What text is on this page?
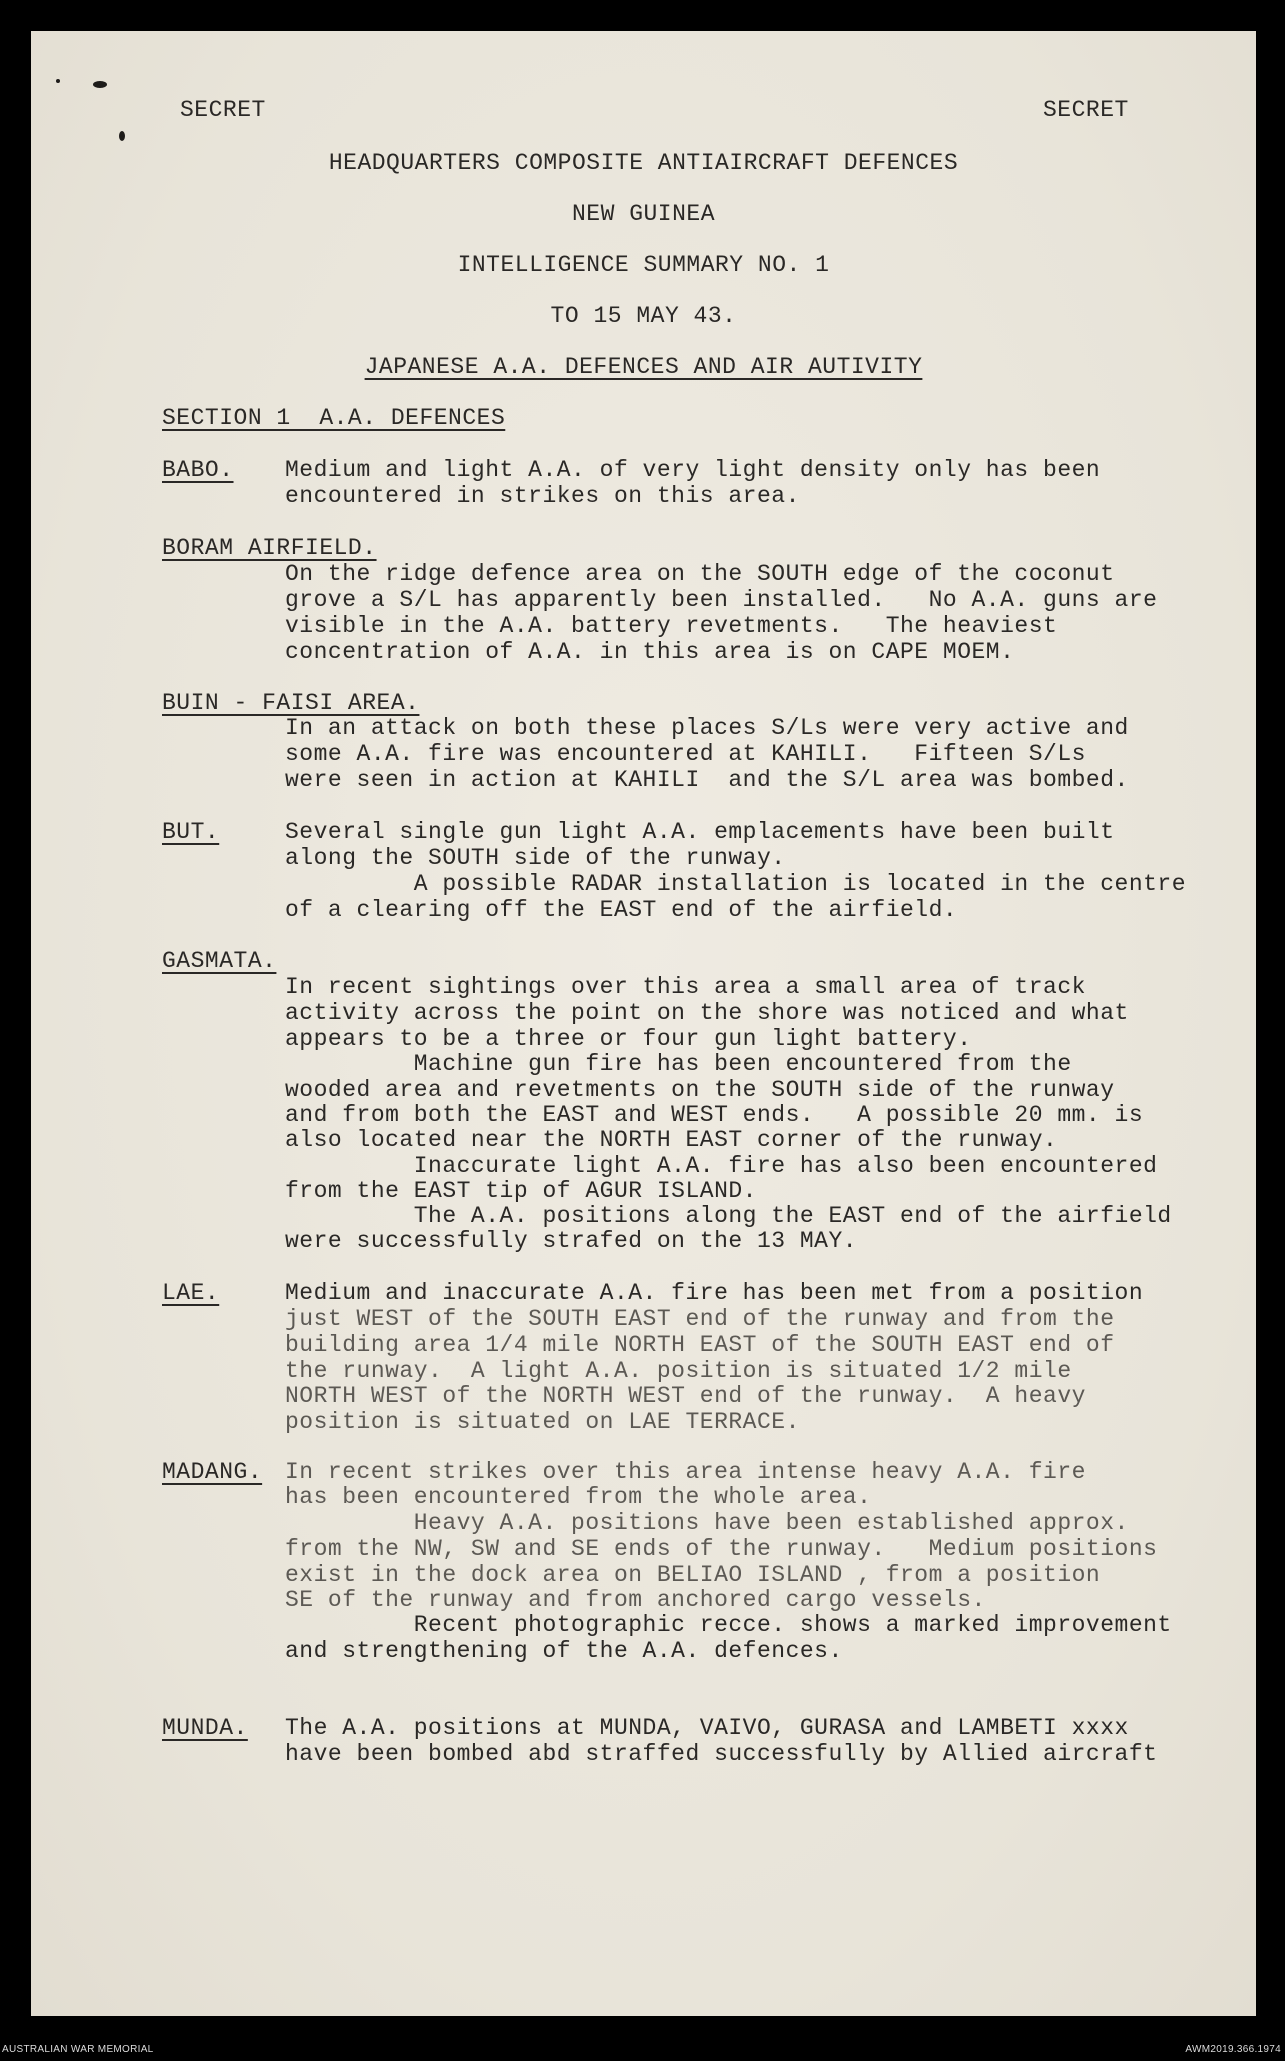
SECRET	SECRET
HEADQUARTERS COMPOSITE ANTIAIRCRAFT DEFENCES
NEW GUINEA
INTELLIGENCE SUMMARY NO. 1
TO 15 MAY 43.
JAPANESE A.A. DEFENCES AND AIR AUTIVITY
SECTION 1  A.A. DEFENCES
BABO. Medium and light A.A. of very light density only has been
encountered in strikes on this area.
BORAM AIRFIELD.
On the ridge defence area on the SOUTH edge of the coconut
grove a S/L has apparently been installed.   No A.A. guns are
visible in the A.A. battery revetments.   The heaviest
concentration of A.A. in this area is on CAPE MOEM.
BUIN - FAISI AREA.
In an attack on both these places S/Ls were very active and
some A.A. fire was encountered at KAHILI.   Fifteen S/Ls
were seen in action at KAHILI  and the S/L area was bombed.
BUT.	Several single gun light A.A. emplacements have been built
along the SOUTH side of the runway.
A possible RADAR installation is located in the centre
of a clearing off the EAST end of the airfield.
GASMATA.
In recent sightings over this area a small area of track
activity across the point on the shore was noticed and what
appears to be a three or four gun light battery.
Machine gun fire has been encountered from the
wooded area and revetments on the SOUTH side of the runway
and from both the EAST and WEST ends.   A possible 20 mm. is
also located near the NORTH EAST corner of the runway.
Inaccurate light A.A. fire has also been encountered
from the EAST tip of AGUR ISLAND.
The A.A. positions along the EAST end of the airfield
were successfully strafed on the 13 MAY.
LAE.	Medium and inaccurate A.A. fire has been met from a position
just WEST of the SOUTH EAST end of the runway and from the
building area 1/4 mile NORTH EAST of the SOUTH EAST end of
the runway.  A light A.A. position is situated 1/2 mile
NORTH WEST of the NORTH WEST end of the runway.  A heavy
position is situated on LAE TERRACE.
MADANG. In recent strikes over this area intense heavy A.A. fire
has been encountered from the whole area.
Heavy A.A. positions have been established approx.
from the NW, SW and SE ends of the runway.   Medium positions
exist in the dock area on BELIAO ISLAND , from a position
SE of the runway and from anchored cargo vessels.
Recent photographic recce. shows a marked improvement
and strengthening of the A.A. defences.
MUNDA. The A.A. positions at MUNDA, VAIVO, GURASA and LAMBETI xxxx
have been bombed abd straffed successfully by Allied aircraft
AUSTRALIAN WAR MEMORIAL	AWM2019.366.1974
